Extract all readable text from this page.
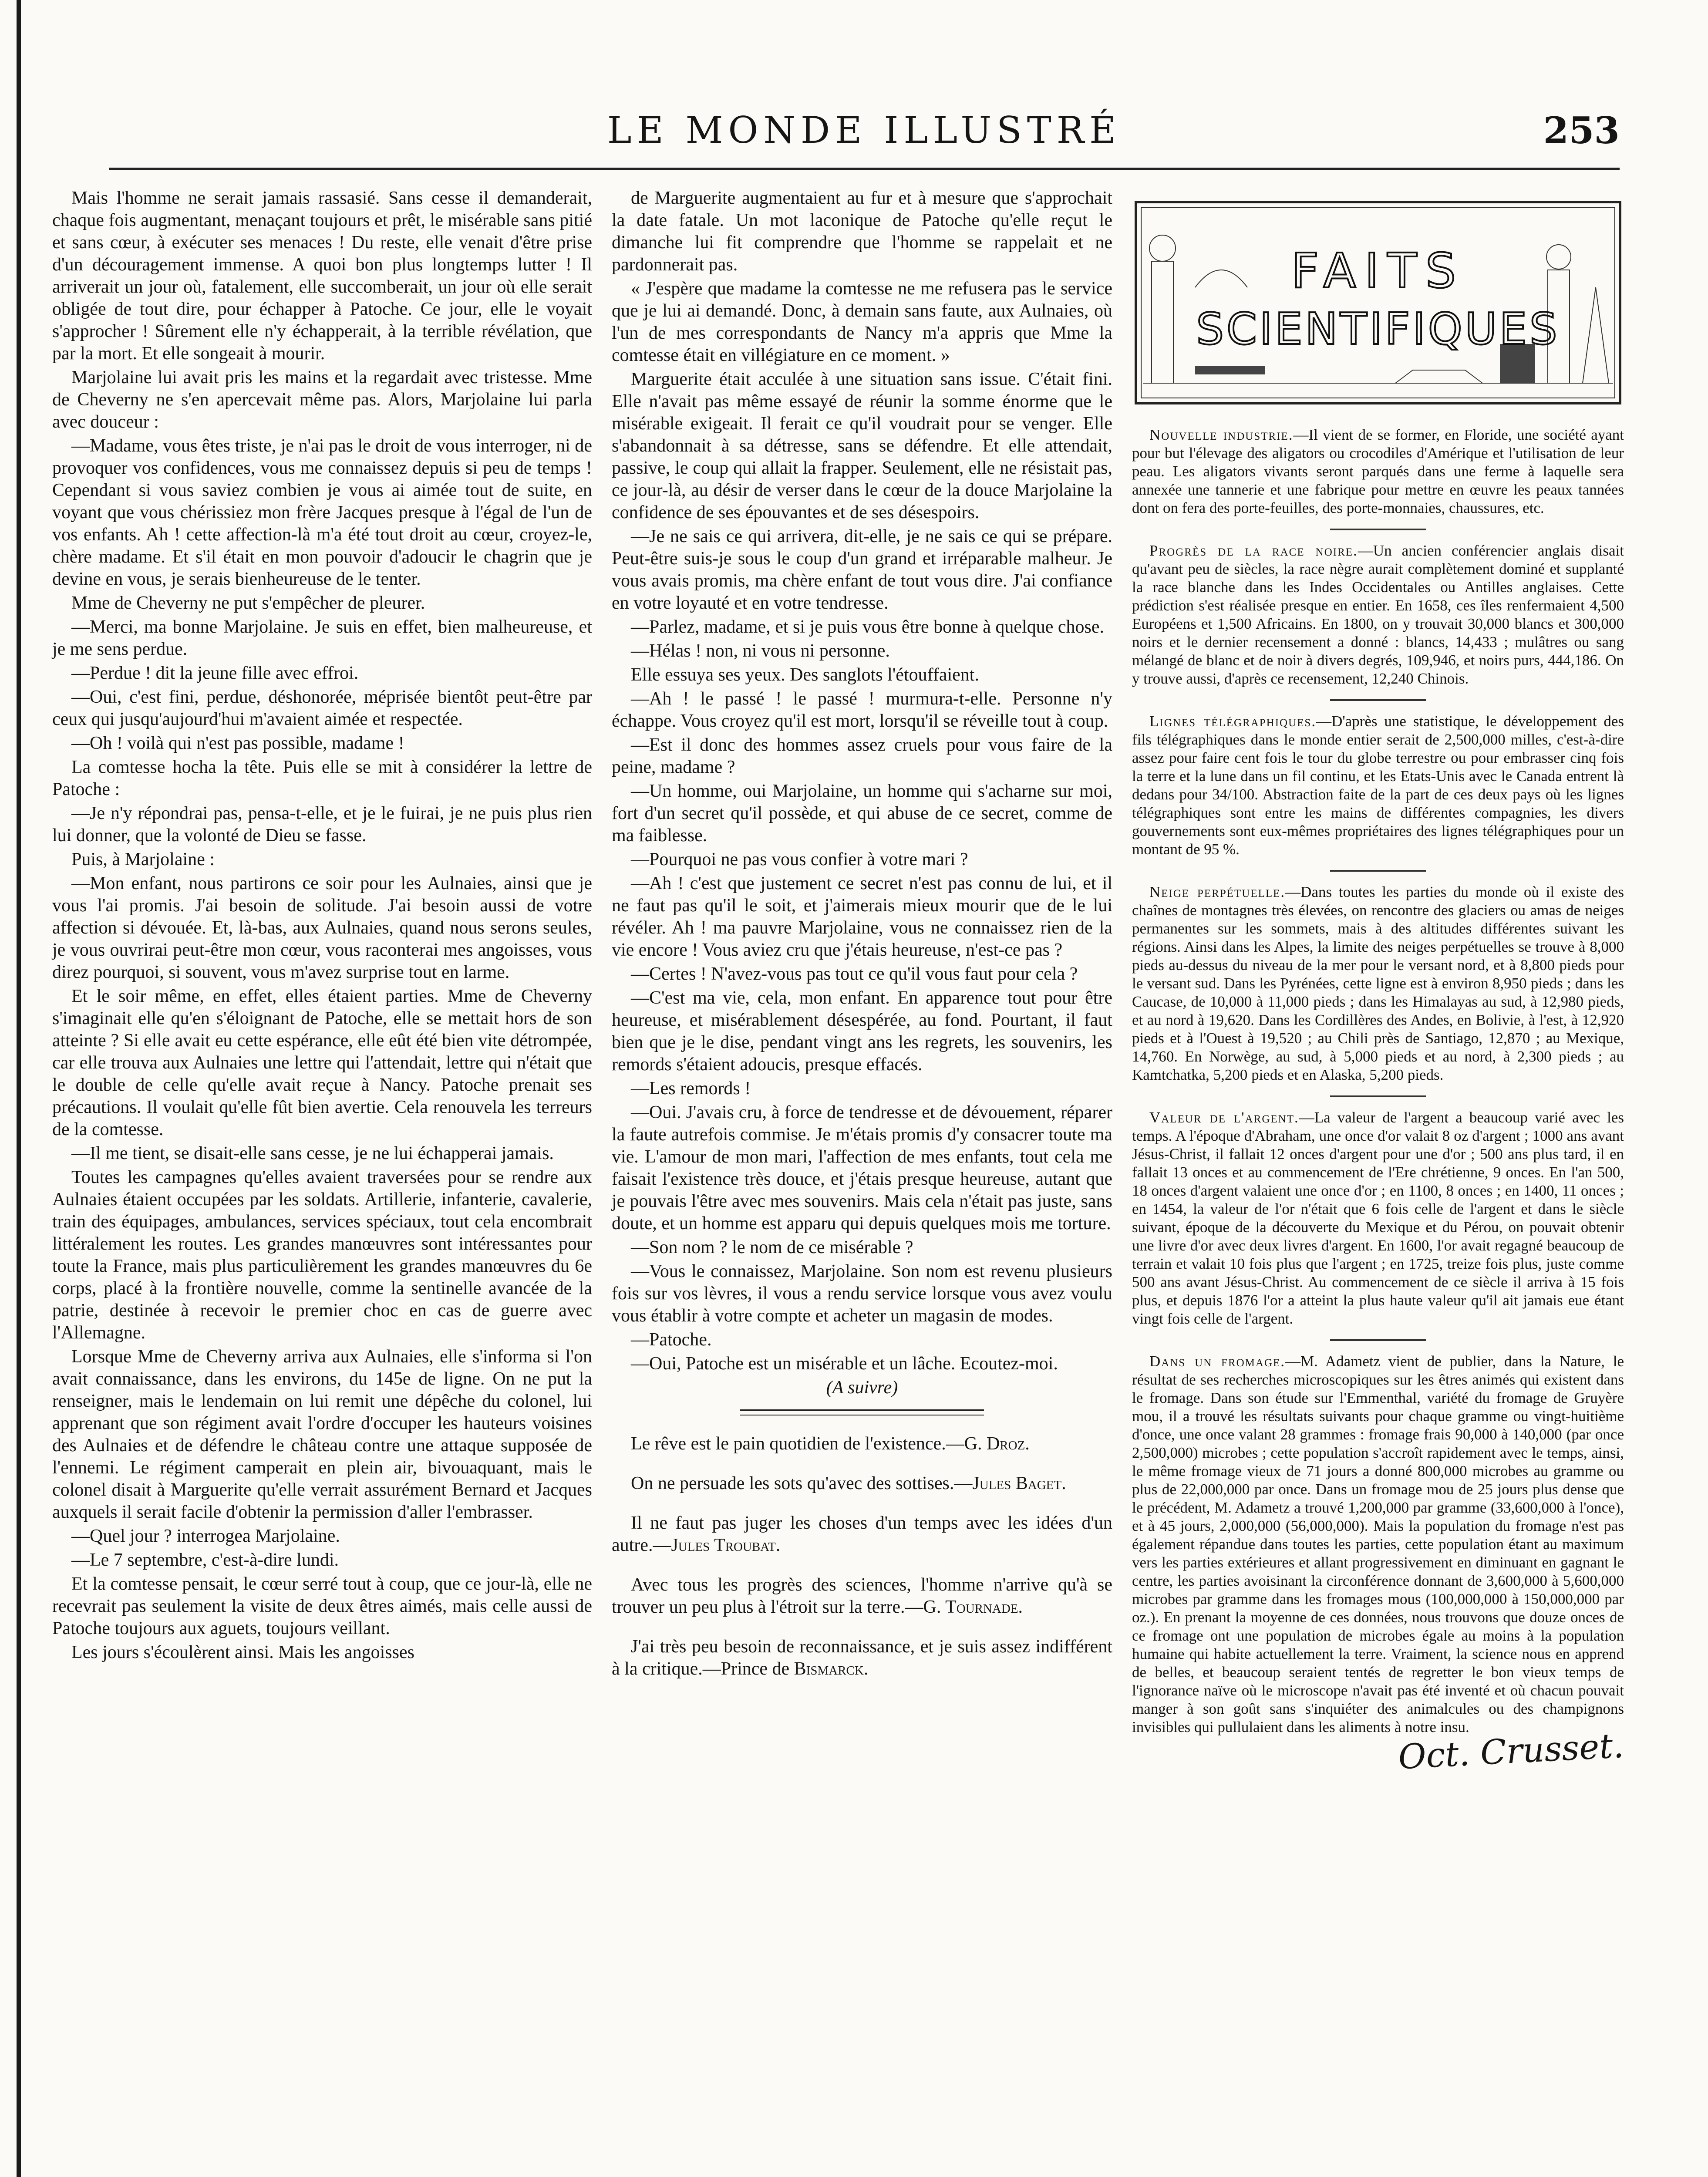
LE MONDE ILLUSTRÉ	253

Mais l'homme ne serait jamais rassasié. Sans cesse il demanderait, chaque fois augmentant, menaçant toujours et prêt, le misérable sans pitié et sans cœur, à exécuter ses menaces ! Du reste, elle venait d'être prise d'un découragement immense. A quoi bon plus longtemps lutter ! Il arriverait un jour où, fatalement, elle succomberait, un jour où elle serait obligée de tout dire, pour échapper à Patoche. Ce jour, elle le voyait s'approcher ! Sûrement elle n'y échapperait, à la terrible révélation, que par la mort. Et elle songeait à mourir.

Marjolaine lui avait pris les mains et la regardait avec tristesse. Mme de Cheverny ne s'en apercevait même pas. Alors, Marjolaine lui parla avec douceur :

—Madame, vous êtes triste, je n'ai pas le droit de vous interroger, ni de provoquer vos confidences, vous me connaissez depuis si peu de temps ! Cependant si vous saviez combien je vous ai aimée tout de suite, en voyant que vous chérissiez mon frère Jacques presque à l'égal de l'un de vos enfants. Ah ! cette affection-là m'a été tout droit au cœur, croyez-le, chère madame. Et s'il était en mon pouvoir d'adoucir le chagrin que je devine en vous, je serais bienheureuse de le tenter.

Mme de Cheverny ne put s'empêcher de pleurer.

—Merci, ma bonne Marjolaine. Je suis en effet, bien malheureuse, et je me sens perdue.

—Perdue ! dit la jeune fille avec effroi.

—Oui, c'est fini, perdue, déshonorée, méprisée bientôt peut-être par ceux qui jusqu'aujourd'hui m'avaient aimée et respectée.

—Oh ! voilà qui n'est pas possible, madame !

La comtesse hocha la tête. Puis elle se mit à considérer la lettre de Patoche :

—Je n'y répondrai pas, pensa-t-elle, et je le fuirai, je ne puis plus rien lui donner, que la volonté de Dieu se fasse.

Puis, à Marjolaine :

—Mon enfant, nous partirons ce soir pour les Aulnaies, ainsi que je vous l'ai promis. J'ai besoin de solitude. J'ai besoin aussi de votre affection si dévouée. Et, là-bas, aux Aulnaies, quand nous serons seules, je vous ouvrirai peut-être mon cœur, vous raconterai mes angoisses, vous direz pourquoi, si souvent, vous m'avez surprise tout en larme.

Et le soir même, en effet, elles étaient parties. Mme de Cheverny s'imaginait elle qu'en s'éloignant de Patoche, elle se mettait hors de son atteinte ? Si elle avait eu cette espérance, elle eût été bien vite détrompée, car elle trouva aux Aulnaies une lettre qui l'attendait, lettre qui n'était que le double de celle qu'elle avait reçue à Nancy. Patoche prenait ses précautions. Il voulait qu'elle fût bien avertie. Cela renouvela les terreurs de la comtesse.

—Il me tient, se disait-elle sans cesse, je ne lui échapperai jamais.

Toutes les campagnes qu'elles avaient traversées pour se rendre aux Aulnaies étaient occupées par les soldats. Artillerie, infanterie, cavalerie, train des équipages, ambulances, services spéciaux, tout cela encombrait littéralement les routes. Les grandes manœuvres sont intéressantes pour toute la France, mais plus particulièrement les grandes manœuvres du 6e corps, placé à la frontière nouvelle, comme la sentinelle avancée de la patrie, destinée à recevoir le premier choc en cas de guerre avec l'Allemagne.

Lorsque Mme de Cheverny arriva aux Aulnaies, elle s'informa si l'on avait connaissance, dans les environs, du 145e de ligne. On ne put la renseigner, mais le lendemain on lui remit une dépêche du colonel, lui apprenant que son régiment avait l'ordre d'occuper les hauteurs voisines des Aulnaies et de défendre le château contre une attaque supposée de l'ennemi. Le régiment camperait en plein air, bivouaquant, mais le colonel disait à Marguerite qu'elle verrait assurément Bernard et Jacques auxquels il serait facile d'obtenir la permission d'aller l'embrasser.

—Quel jour ? interrogea Marjolaine.

—Le 7 septembre, c'est-à-dire lundi.

Et la comtesse pensait, le cœur serré tout à coup, que ce jour-là, elle ne recevrait pas seulement la visite de deux êtres aimés, mais celle aussi de Patoche toujours aux aguets, toujours veillant.

Les jours s'écoulèrent ainsi. Mais les angoisses

de Marguerite augmentaient au fur et à mesure que s'approchait la date fatale. Un mot laconique de Patoche qu'elle reçut le dimanche lui fit comprendre que l'homme se rappelait et ne pardonnerait pas.

« J'espère que madame la comtesse ne me refusera pas le service que je lui ai demandé. Donc, à demain sans faute, aux Aulnaies, où l'un de mes correspondants de Nancy m'a appris que Mme la comtesse était en villégiature en ce moment. »

Marguerite était acculée à une situation sans issue. C'était fini. Elle n'avait pas même essayé de réunir la somme énorme que le misérable exigeait. Il ferait ce qu'il voudrait pour se venger. Elle s'abandonnait à sa détresse, sans se défendre. Et elle attendait, passive, le coup qui allait la frapper. Seulement, elle ne résistait pas, ce jour-là, au désir de verser dans le cœur de la douce Marjolaine la confidence de ses épouvantes et de ses désespoirs.

—Je ne sais ce qui arrivera, dit-elle, je ne sais ce qui se prépare. Peut-être suis-je sous le coup d'un grand et irréparable malheur. Je vous avais promis, ma chère enfant de tout vous dire. J'ai confiance en votre loyauté et en votre tendresse.

—Parlez, madame, et si je puis vous être bonne à quelque chose.

—Hélas ! non, ni vous ni personne.

Elle essuya ses yeux. Des sanglots l'étouffaient.

—Ah ! le passé ! le passé ! murmura-t-elle. Personne n'y échappe. Vous croyez qu'il est mort, lorsqu'il se réveille tout à coup.

—Est il donc des hommes assez cruels pour vous faire de la peine, madame ?

—Un homme, oui Marjolaine, un homme qui s'acharne sur moi, fort d'un secret qu'il possède, et qui abuse de ce secret, comme de ma faiblesse.

—Pourquoi ne pas vous confier à votre mari ?

—Ah ! c'est que justement ce secret n'est pas connu de lui, et il ne faut pas qu'il le soit, et j'aimerais mieux mourir que de le lui révéler. Ah ! ma pauvre Marjolaine, vous ne connaissez rien de la vie encore ! Vous aviez cru que j'étais heureuse, n'est-ce pas ?

—Certes ! N'avez-vous pas tout ce qu'il vous faut pour cela ?

—C'est ma vie, cela, mon enfant. En apparence tout pour être heureuse, et misérablement désespérée, au fond. Pourtant, il faut bien que je le dise, pendant vingt ans les regrets, les souvenirs, les remords s'étaient adoucis, presque effacés.

—Les remords !

—Oui. J'avais cru, à force de tendresse et de dévouement, réparer la faute autrefois commise. Je m'étais promis d'y consacrer toute ma vie. L'amour de mon mari, l'affection de mes enfants, tout cela me faisait l'existence très douce, et j'étais presque heureuse, autant que je pouvais l'être avec mes souvenirs. Mais cela n'était pas juste, sans doute, et un homme est apparu qui depuis quelques mois me torture.

—Son nom ? le nom de ce misérable ?

—Vous le connaissez, Marjolaine. Son nom est revenu plusieurs fois sur vos lèvres, il vous a rendu service lorsque vous avez voulu vous établir à votre compte et acheter un magasin de modes.

—Patoche.

—Oui, Patoche est un misérable et un lâche. Ecoutez-moi.

(A suivre)

Le rêve est le pain quotidien de l'existence.—G. Droz.

On ne persuade les sots qu'avec des sottises.—Jules Baget.

Il ne faut pas juger les choses d'un temps avec les idées d'un autre.—Jules Troubat.

Avec tous les progrès des sciences, l'homme n'arrive qu'à se trouver un peu plus à l'étroit sur la terre.—G. Tournade.

J'ai très peu besoin de reconnaissance, et je suis assez indifférent à la critique.—Prince de Bismarck.

FAITS
SCIENTIFIQUES

Nouvelle industrie.—Il vient de se former, en Floride, une société ayant pour but l'élevage des aligators ou crocodiles d'Amérique et l'utilisation de leur peau. Les aligators vivants seront parqués dans une ferme à laquelle sera annexée une tannerie et une fabrique pour mettre en œuvre les peaux tannées dont on fera des porte-feuilles, des porte-monnaies, chaussures, etc.

Progrès de la race noire.—Un ancien conférencier anglais disait qu'avant peu de siècles, la race nègre aurait complètement dominé et supplanté la race blanche dans les Indes Occidentales ou Antilles anglaises. Cette prédiction s'est réalisée presque en entier. En 1658, ces îles renfermaient 4,500 Européens et 1,500 Africains. En 1800, on y trouvait 30,000 blancs et 300,000 noirs et le dernier recensement a donné : blancs, 14,433 ; mulâtres ou sang mélangé de blanc et de noir à divers degrés, 109,946, et noirs purs, 444,186. On y trouve aussi, d'après ce recensement, 12,240 Chinois.

Lignes télégraphiques.—D'après une statistique, le développement des fils télégraphiques dans le monde entier serait de 2,500,000 milles, c'est-à-dire assez pour faire cent fois le tour du globe terrestre ou pour embrasser cinq fois la terre et la lune dans un fil continu, et les Etats-Unis avec le Canada entrent là dedans pour 34/100. Abstraction faite de la part de ces deux pays où les lignes télégraphiques sont entre les mains de différentes compagnies, les divers gouvernements sont eux-mêmes propriétaires des lignes télégraphiques pour un montant de 95 %.

Neige perpétuelle.—Dans toutes les parties du monde où il existe des chaînes de montagnes très élevées, on rencontre des glaciers ou amas de neiges permanentes sur les sommets, mais à des altitudes différentes suivant les régions. Ainsi dans les Alpes, la limite des neiges perpétuelles se trouve à 8,000 pieds au-dessus du niveau de la mer pour le versant nord, et à 8,800 pieds pour le versant sud. Dans les Pyrénées, cette ligne est à environ 8,950 pieds ; dans les Caucase, de 10,000 à 11,000 pieds ; dans les Himalayas au sud, à 12,980 pieds, et au nord à 19,620. Dans les Cordillères des Andes, en Bolivie, à l'est, à 12,920 pieds et à l'Ouest à 19,520 ; au Chili près de Santiago, 12,870 ; au Mexique, 14,760. En Norwège, au sud, à 5,000 pieds et au nord, à 2,300 pieds ; au Kamtchatka, 5,200 pieds et en Alaska, 5,200 pieds.

Valeur de l'argent.—La valeur de l'argent a beaucoup varié avec les temps. A l'époque d'Abraham, une once d'or valait 8 oz d'argent ; 1000 ans avant Jésus-Christ, il fallait 12 onces d'argent pour une d'or ; 500 ans plus tard, il en fallait 13 onces et au commencement de l'Ere chrétienne, 9 onces. En l'an 500, 18 onces d'argent valaient une once d'or ; en 1100, 8 onces ; en 1400, 11 onces ; en 1454, la valeur de l'or n'était que 6 fois celle de l'argent et dans le siècle suivant, époque de la découverte du Mexique et du Pérou, on pouvait obtenir une livre d'or avec deux livres d'argent. En 1600, l'or avait regagné beaucoup de terrain et valait 10 fois plus que l'argent ; en 1725, treize fois plus, juste comme 500 ans avant Jésus-Christ. Au commencement de ce siècle il arriva à 15 fois plus, et depuis 1876 l'or a atteint la plus haute valeur qu'il ait jamais eue étant vingt fois celle de l'argent.

Dans un fromage.—M. Adametz vient de publier, dans la Nature, le résultat de ses recherches microscopiques sur les êtres animés qui existent dans le fromage. Dans son étude sur l'Emmenthal, variété du fromage de Gruyère mou, il a trouvé les résultats suivants pour chaque gramme ou vingt-huitième d'once, une once valant 28 grammes : fromage frais 90,000 à 140,000 (par once 2,500,000) microbes ; cette population s'accroît rapidement avec le temps, ainsi, le même fromage vieux de 71 jours a donné 800,000 microbes au gramme ou plus de 22,000,000 par once. Dans un fromage mou de 25 jours plus dense que le précédent, M. Adametz a trouvé 1,200,000 par gramme (33,600,000 à l'once), et à 45 jours, 2,000,000 (56,000,000). Mais la population du fromage n'est pas également répandue dans toutes les parties, cette population étant au maximum vers les parties extérieures et allant progressivement en diminuant en gagnant le centre, les parties avoisinant la circonférence donnant de 3,600,000 à 5,600,000 microbes par gramme dans les fromages mous (100,000,000 à 150,000,000 par oz.). En prenant la moyenne de ces données, nous trouvons que douze onces de ce fromage ont une population de microbes égale au moins à la population humaine qui habite actuellement la terre. Vraiment, la science nous en apprend de belles, et beaucoup seraient tentés de regretter le bon vieux temps de l'ignorance naïve où le microscope n'avait pas été inventé et où chacun pouvait manger à son goût sans s'inquiéter des animalcules ou des champignons invisibles qui pullulaient dans les aliments à notre insu.

Oct. Crusset.
